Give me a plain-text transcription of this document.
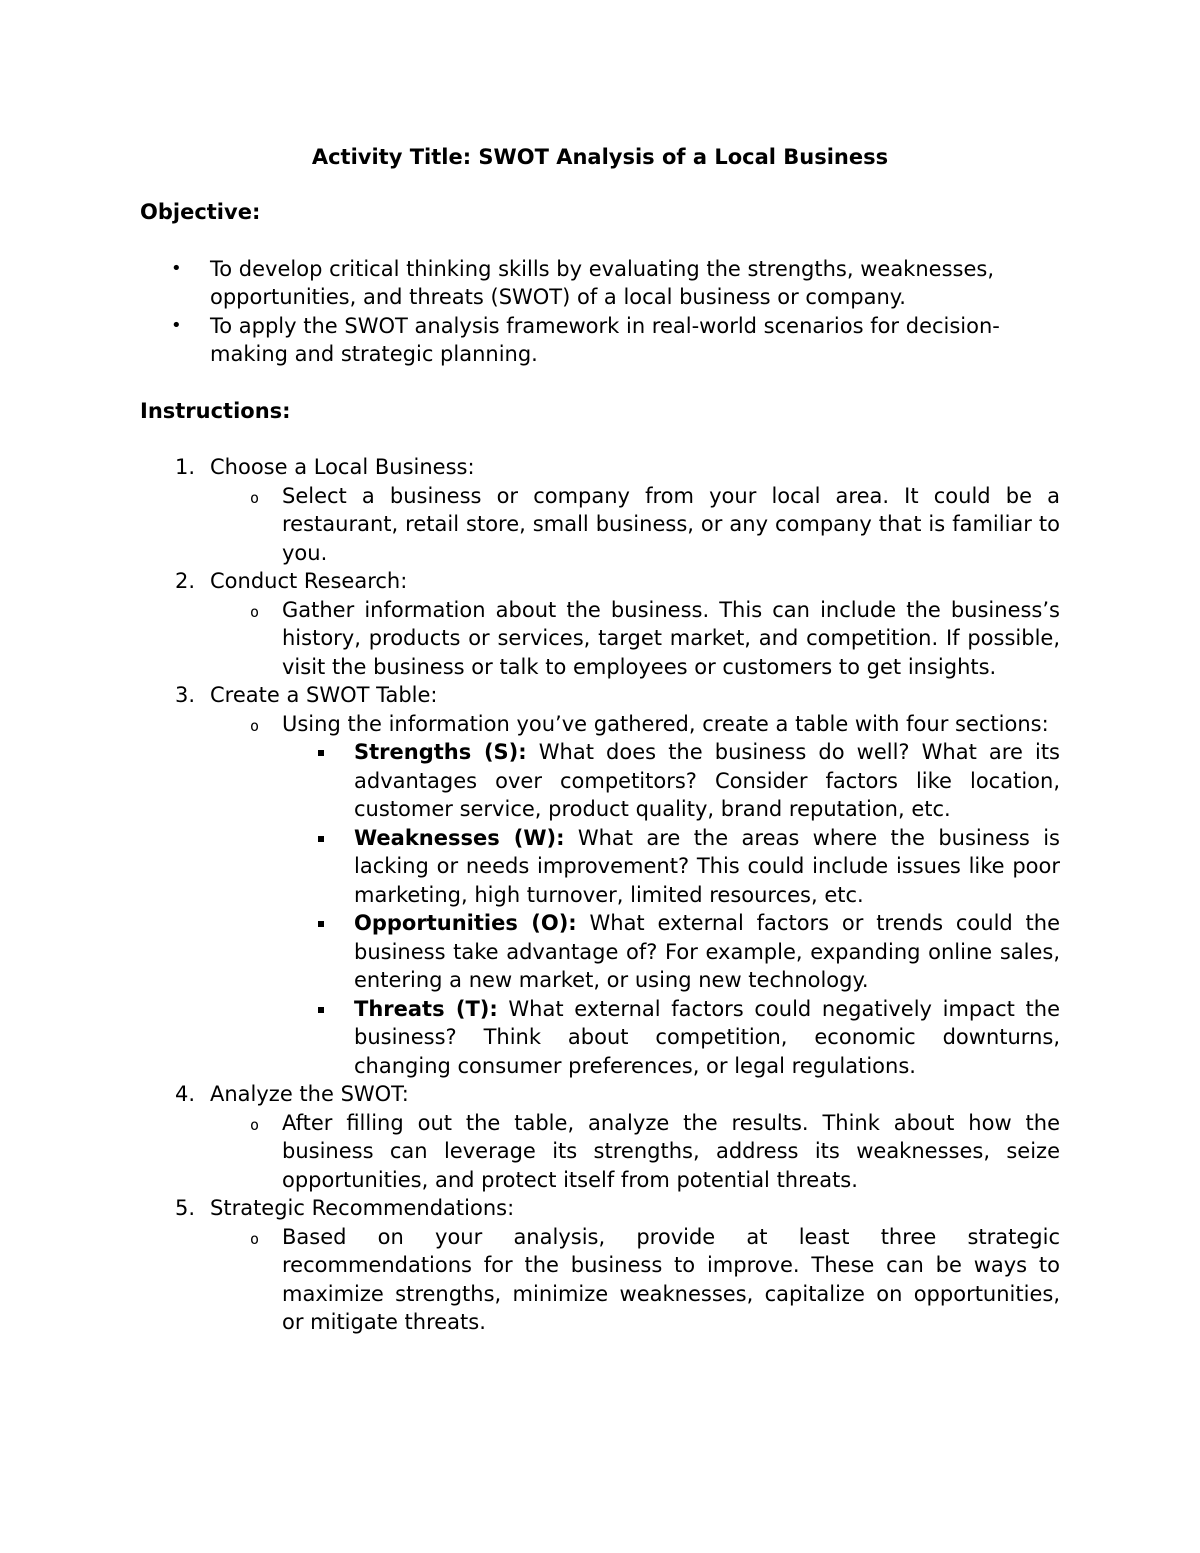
Activity Title: SWOT Analysis of a Local Business

Objective:

• To develop critical thinking skills by evaluating the strengths, weaknesses, opportunities, and threats (SWOT) of a local business or company.
• To apply the SWOT analysis framework in real-world scenarios for decision-making and strategic planning.

Instructions:

1. Choose a Local Business:
o Select a business or company from your local area. It could be a restaurant, retail store, small business, or any company that is familiar to you.
2. Conduct Research:
o Gather information about the business. This can include the business’s history, products or services, target market, and competition. If possible, visit the business or talk to employees or customers to get insights.
3. Create a SWOT Table:
o Using the information you’ve gathered, create a table with four sections:
Strengths (S): What does the business do well? What are its advantages over competitors? Consider factors like location, customer service, product quality, brand reputation, etc.
Weaknesses (W): What are the areas where the business is lacking or needs improvement? This could include issues like poor marketing, high turnover, limited resources, etc.
Opportunities (O): What external factors or trends could the business take advantage of? For example, expanding online sales, entering a new market, or using new technology.
Threats (T): What external factors could negatively impact the business? Think about competition, economic downturns, changing consumer preferences, or legal regulations.
4. Analyze the SWOT:
o After filling out the table, analyze the results. Think about how the business can leverage its strengths, address its weaknesses, seize opportunities, and protect itself from potential threats.
5. Strategic Recommendations:
o Based on your analysis, provide at least three strategic recommendations for the business to improve. These can be ways to maximize strengths, minimize weaknesses, capitalize on opportunities, or mitigate threats.
